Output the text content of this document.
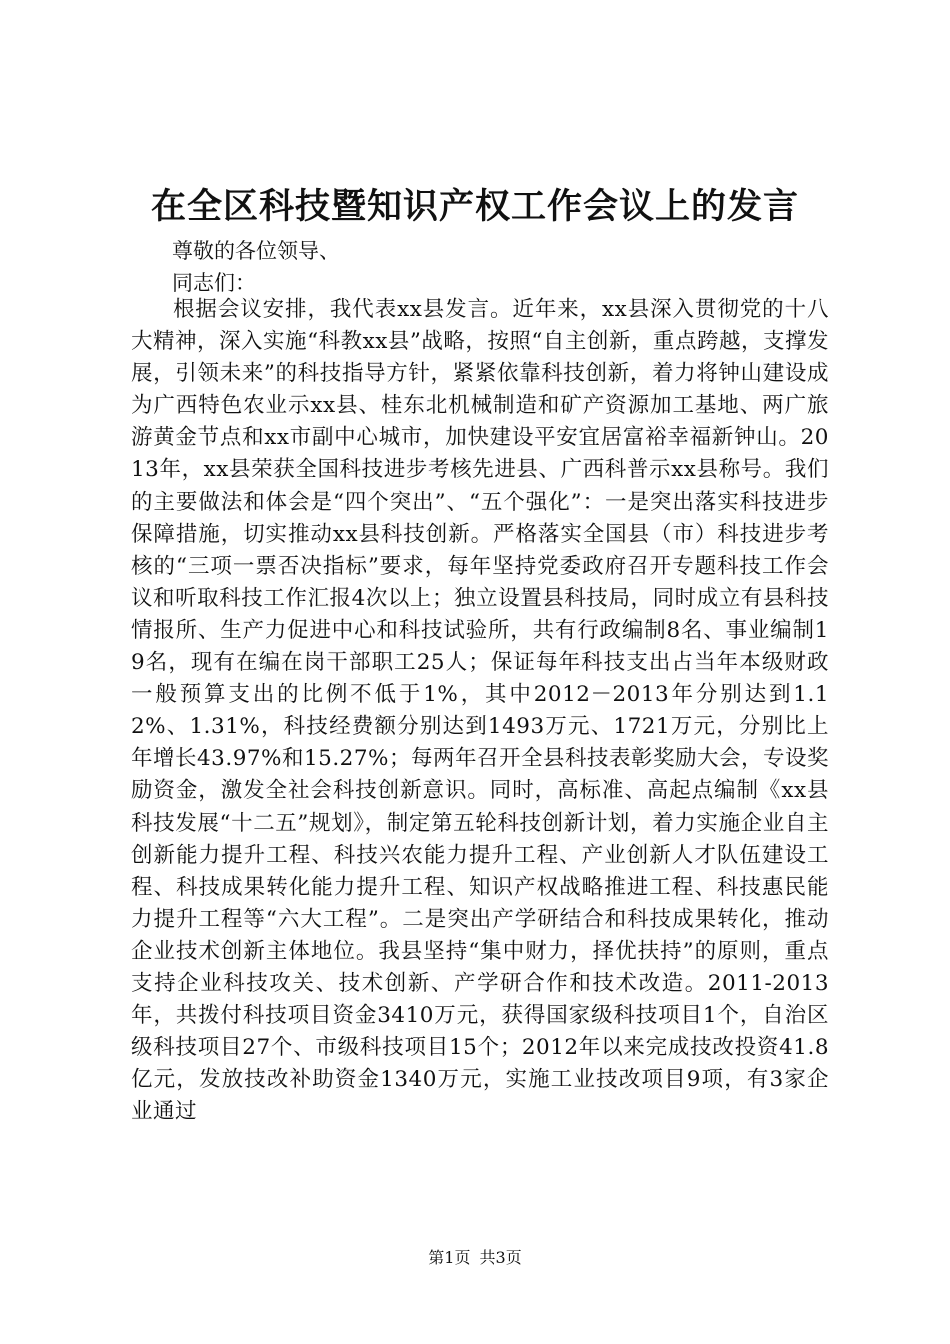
在全区科技暨知识产权工作会议上的发言

尊敬的各位领导、

同志们：

根据会议安排，我代表xx县发言。近年来，xx县深入贯彻党的十八大精神，深入实施“科教xx县”战略，按照“自主创新，重点跨越，支撑发展，引领未来”的科技指导方针，紧紧依靠科技创新，着力将钟山建设成为广西特色农业示xx县、桂东北机械制造和矿产资源加工基地、两广旅游黄金节点和xx市副中心城市，加快建设平安宜居富裕幸福新钟山。2013年，xx县荣获全国科技进步考核先进县、广西科普示xx县称号。我们的主要做法和体会是“四个突出”、“五个强化”：一是突出落实科技进步保障措施，切实推动xx县科技创新。严格落实全国县（市）科技进步考核的“三项一票否决指标”要求，每年坚持党委政府召开专题科技工作会议和听取科技工作汇报4次以上；独立设置县科技局，同时成立有县科技情报所、生产力促进中心和科技试验所，共有行政编制8名、事业编制19名，现有在编在岗干部职工25人；保证每年科技支出占当年本级财政一般预算支出的比例不低于1%，其中2012－2013年分别达到1.12%、1.31%，科技经费额分别达到1493万元、1721万元，分别比上年增长43.97%和15.27%；每两年召开全县科技表彰奖励大会，专设奖励资金，激发全社会科技创新意识。同时，高标准、高起点编制《xx县科技发展“十二五”规划》，制定第五轮科技创新计划，着力实施企业自主创新能力提升工程、科技兴农能力提升工程、产业创新人才队伍建设工程、科技成果转化能力提升工程、知识产权战略推进工程、科技惠民能力提升工程等“六大工程”。二是突出产学研结合和科技成果转化，推动企业技术创新主体地位。我县坚持“集中财力，择优扶持”的原则，重点支持企业科技攻关、技术创新、产学研合作和技术改造。2011-2013年，共拨付科技项目资金3410万元，获得国家级科技项目1个，自治区级科技项目27个、市级科技项目15个；2012年以来完成技改投资41.8亿元，发放技改补助资金1340万元，实施工业技改项目9项，有3家企业通过

第1页 共3页
